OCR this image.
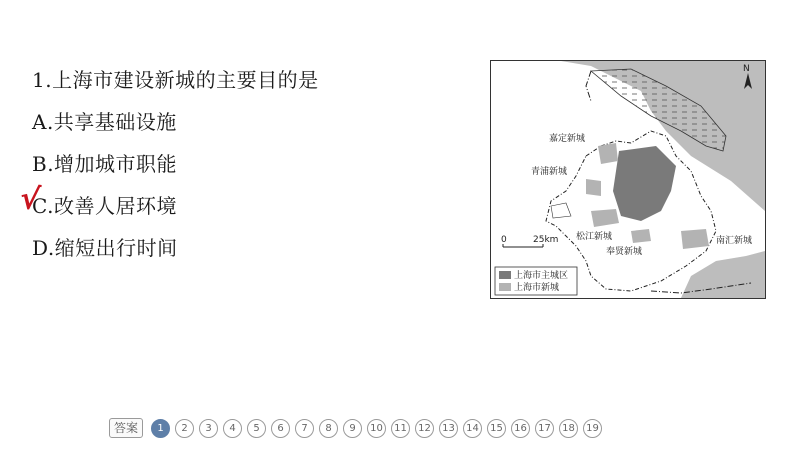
1.上海市建设新城的主要目的是
A.共享基础设施
B.增加城市职能
√
C.改善人居环境
D.缩短出行时间
N
嘉定新城
青浦新城
松江新城
奉贤新城
南汇新城
0	25km
上海市主城区
上海市新城
答案	1	2	3	4	5	6	7	8	9	10	11	12	13	14	15	16	17	18	19
